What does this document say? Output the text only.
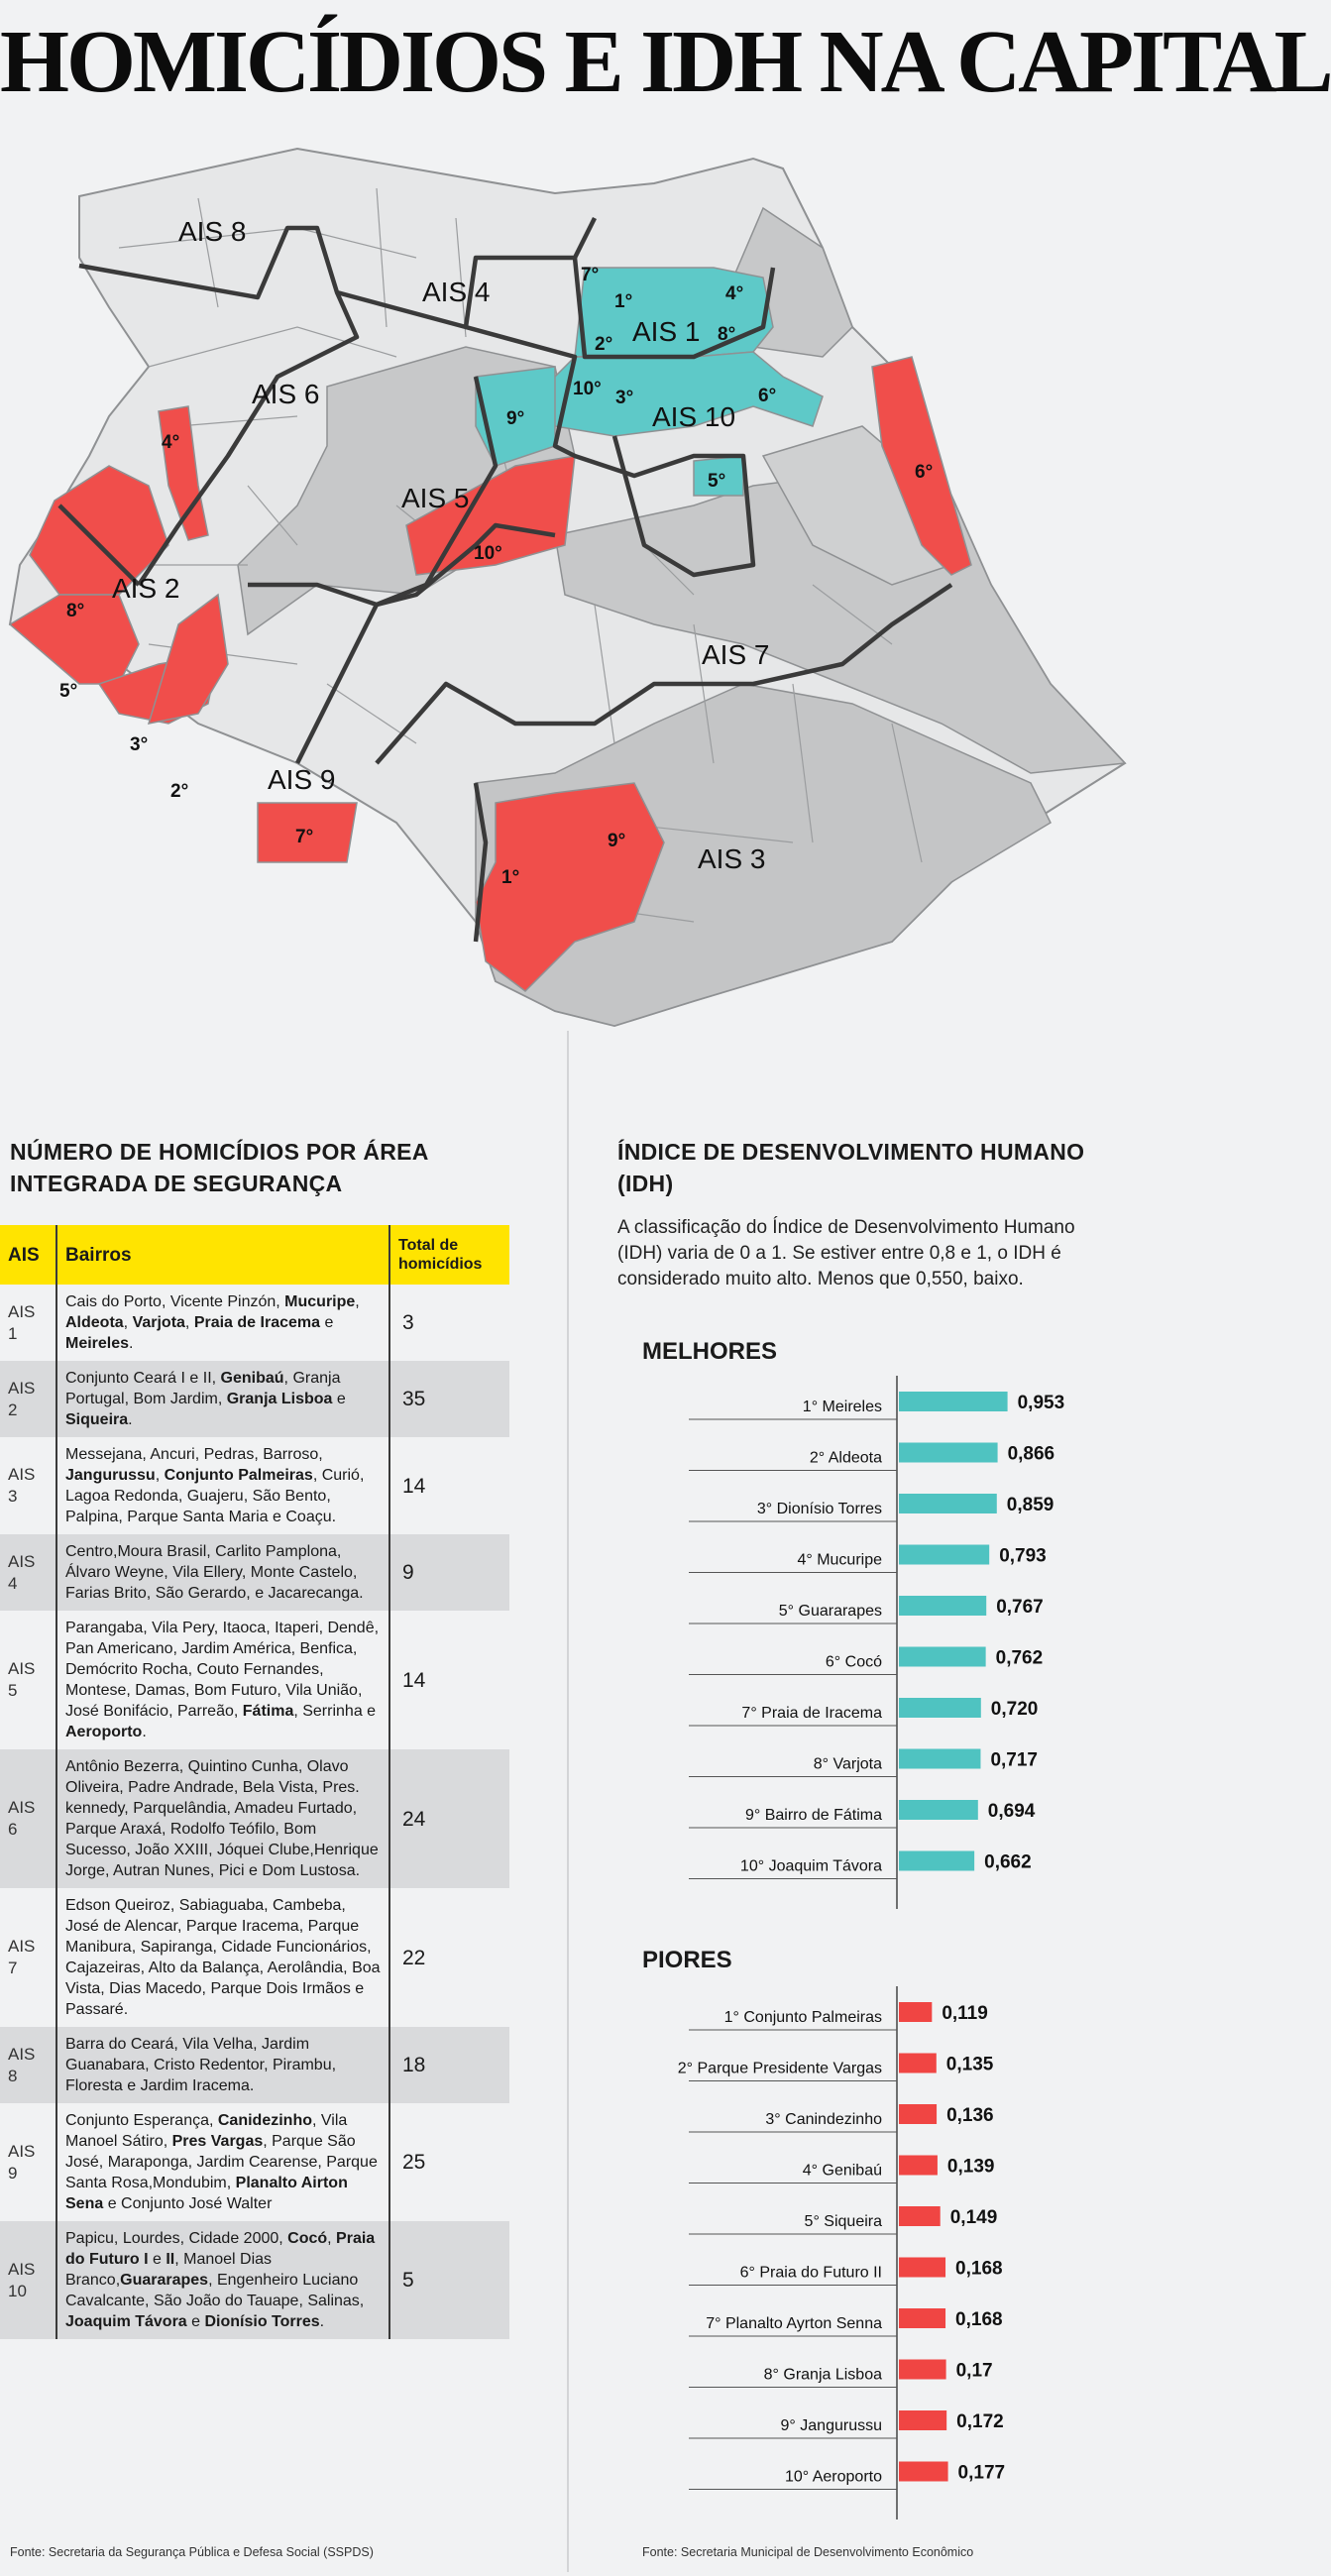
HOMICÍDIOS E IDH NA CAPITAL
AIS 8
AIS 4
AIS 1
AIS 6
AIS 10
AIS 5
AIS 2
AIS 7
AIS 9
AIS 3
1°
2°
3°
4°
5°
6°
7°
8°
9°
10°
1°
2°
3°
4°
5°
6°
7°
8°
9°
10°
NÚMERO DE HOMICÍDIOS POR ÁREA INTEGRADA DE SEGURANÇA
AIS	Bairros	Total de homicídios
AIS 1	Cais do Porto, Vicente Pinzón, Mucuripe, Aldeota, Varjota, Praia de Iracema e Meireles.	3
AIS 2	Conjunto Ceará I e II, Genibaú, Granja Portugal, Bom Jardim, Granja Lisboa e Siqueira.	35
AIS 3	Messejana, Ancuri, Pedras, Barroso, Jangurussu, Conjunto Palmeiras, Curió, Lagoa Redonda, Guajeru, São Bento, Palpina, Parque Santa Maria e Coaçu.	14
AIS 4	Centro,Moura Brasil, Carlito Pamplona, Álvaro Weyne, Vila Ellery, Monte Castelo, Farias Brito, São Gerardo, e Jacarecanga.	9
AIS 5	Parangaba, Vila Pery, Itaoca, Itaperi, Dendê, Pan Americano, Jardim América, Benfica, Demócrito Rocha, Couto Fernandes, Montese, Damas, Bom Futuro, Vila União, José Bonifácio, Parreão, Fátima, Serrinha e Aeroporto.	14
AIS 6	Antônio Bezerra, Quintino Cunha, Olavo Oliveira, Padre Andrade, Bela Vista, Pres. kennedy, Parquelândia, Amadeu Furtado, Parque Araxá, Rodolfo Teófilo, Bom Sucesso, João XXIII, Jóquei Clube,Henrique Jorge, Autran Nunes, Pici e Dom Lustosa.	24
AIS 7	Edson Queiroz, Sabiaguaba, Cambeba, José de Alencar, Parque Iracema, Parque Manibura, Sapiranga, Cidade Funcionários, Cajazeiras, Alto da Balança, Aerolândia, Boa Vista, Dias Macedo, Parque Dois Irmãos e Passaré.	22
AIS 8	Barra do Ceará, Vila Velha, Jardim Guanabara, Cristo Redentor, Pirambu, Floresta e Jardim Iracema.	18
AIS 9	Conjunto Esperança, Canidezinho, Vila Manoel Sátiro, Pres Vargas, Parque São José, Maraponga, Jardim Cearense, Parque Santa Rosa,Mondubim, Planalto Airton Sena e Conjunto José Walter	25
AIS 10	Papicu, Lourdes, Cidade 2000, Cocó, Praia do Futuro I e II, Manoel Dias Branco,Guararapes, Engenheiro Luciano Cavalcante, São João do Tauape, Salinas, Joaquim Távora e Dionísio Torres.	5
ÍNDICE DE DESENVOLVIMENTO HUMANO (IDH)
A classificação do Índice de Desenvolvimento Humano (IDH) varia de 0 a 1. Se estiver entre 0,8 e 1, o IDH é considerado muito alto. Menos que 0,550, baixo.
MELHORES
1° Meireles	0,953
2° Aldeota	0,866
3° Dionísio Torres	0,859
4° Mucuripe	0,793
5° Guararapes	0,767
6° Cocó	0,762
7° Praia de Iracema	0,720
8° Varjota	0,717
9° Bairro de Fátima	0,694
10° Joaquim Távora	0,662
PIORES
1° Conjunto Palmeiras	0,119
2° Parque Presidente Vargas	0,135
3° Canindezinho	0,136
4° Genibaú	0,139
5° Siqueira	0,149
6° Praia do Futuro II	0,168
7° Planalto Ayrton Senna	0,168
8° Granja Lisboa	0,17
9° Jangurussu	0,172
10° Aeroporto	0,177
Fonte: Secretaria da Segurança Pública e Defesa Social (SSPDS)	Fonte: Secretaria Municipal de Desenvolvimento Econômico
